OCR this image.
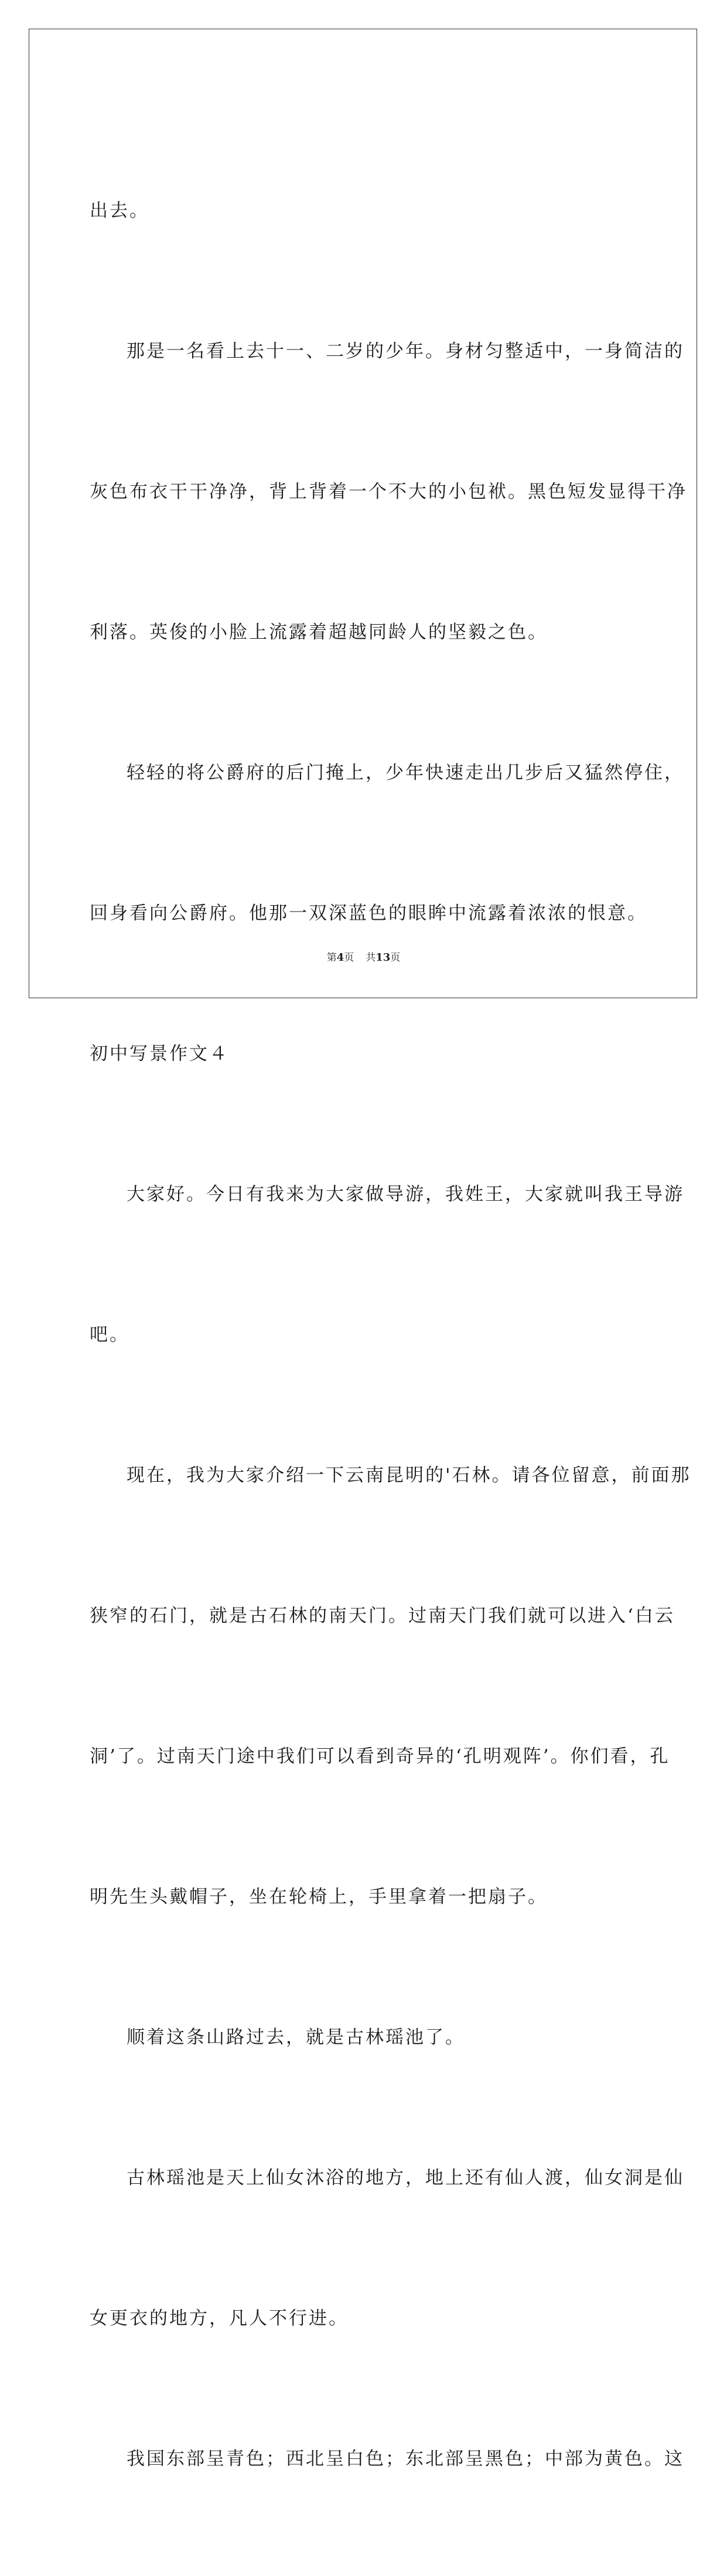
出去。

那是一名看上去十一、二岁的少年。身材匀整适中，一身简洁的

灰色布衣干干净净，背上背着一个不大的小包袱。黑色短发显得干净

利落。英俊的小脸上流露着超越同龄人的坚毅之色。

轻轻的将公爵府的后门掩上，少年快速走出几步后又猛然停住，

回身看向公爵府。他那一双深蓝色的眼眸中流露着浓浓的恨意。

初中写景作文４

大家好。今日有我来为大家做导游，我姓王，大家就叫我王导游

吧。

现在，我为大家介绍一下云南昆明的'石林。请各位留意，前面那

狭窄的石门，就是古石林的南天门。过南天门我们就可以进入‘白云

洞’了。过南天门途中我们可以看到奇异的‘孔明观阵’。你们看，孔

明先生头戴帽子，坐在轮椅上，手里拿着一把扇子。

顺着这条山路过去，就是古林瑶池了。

古林瑶池是天上仙女沐浴的地方，地上还有仙人渡，仙女洞是仙

女更衣的地方，凡人不行进。

我国东部呈青色；西北呈白色；东北部呈黑色；中部为黄色。这

第4页 共13页
